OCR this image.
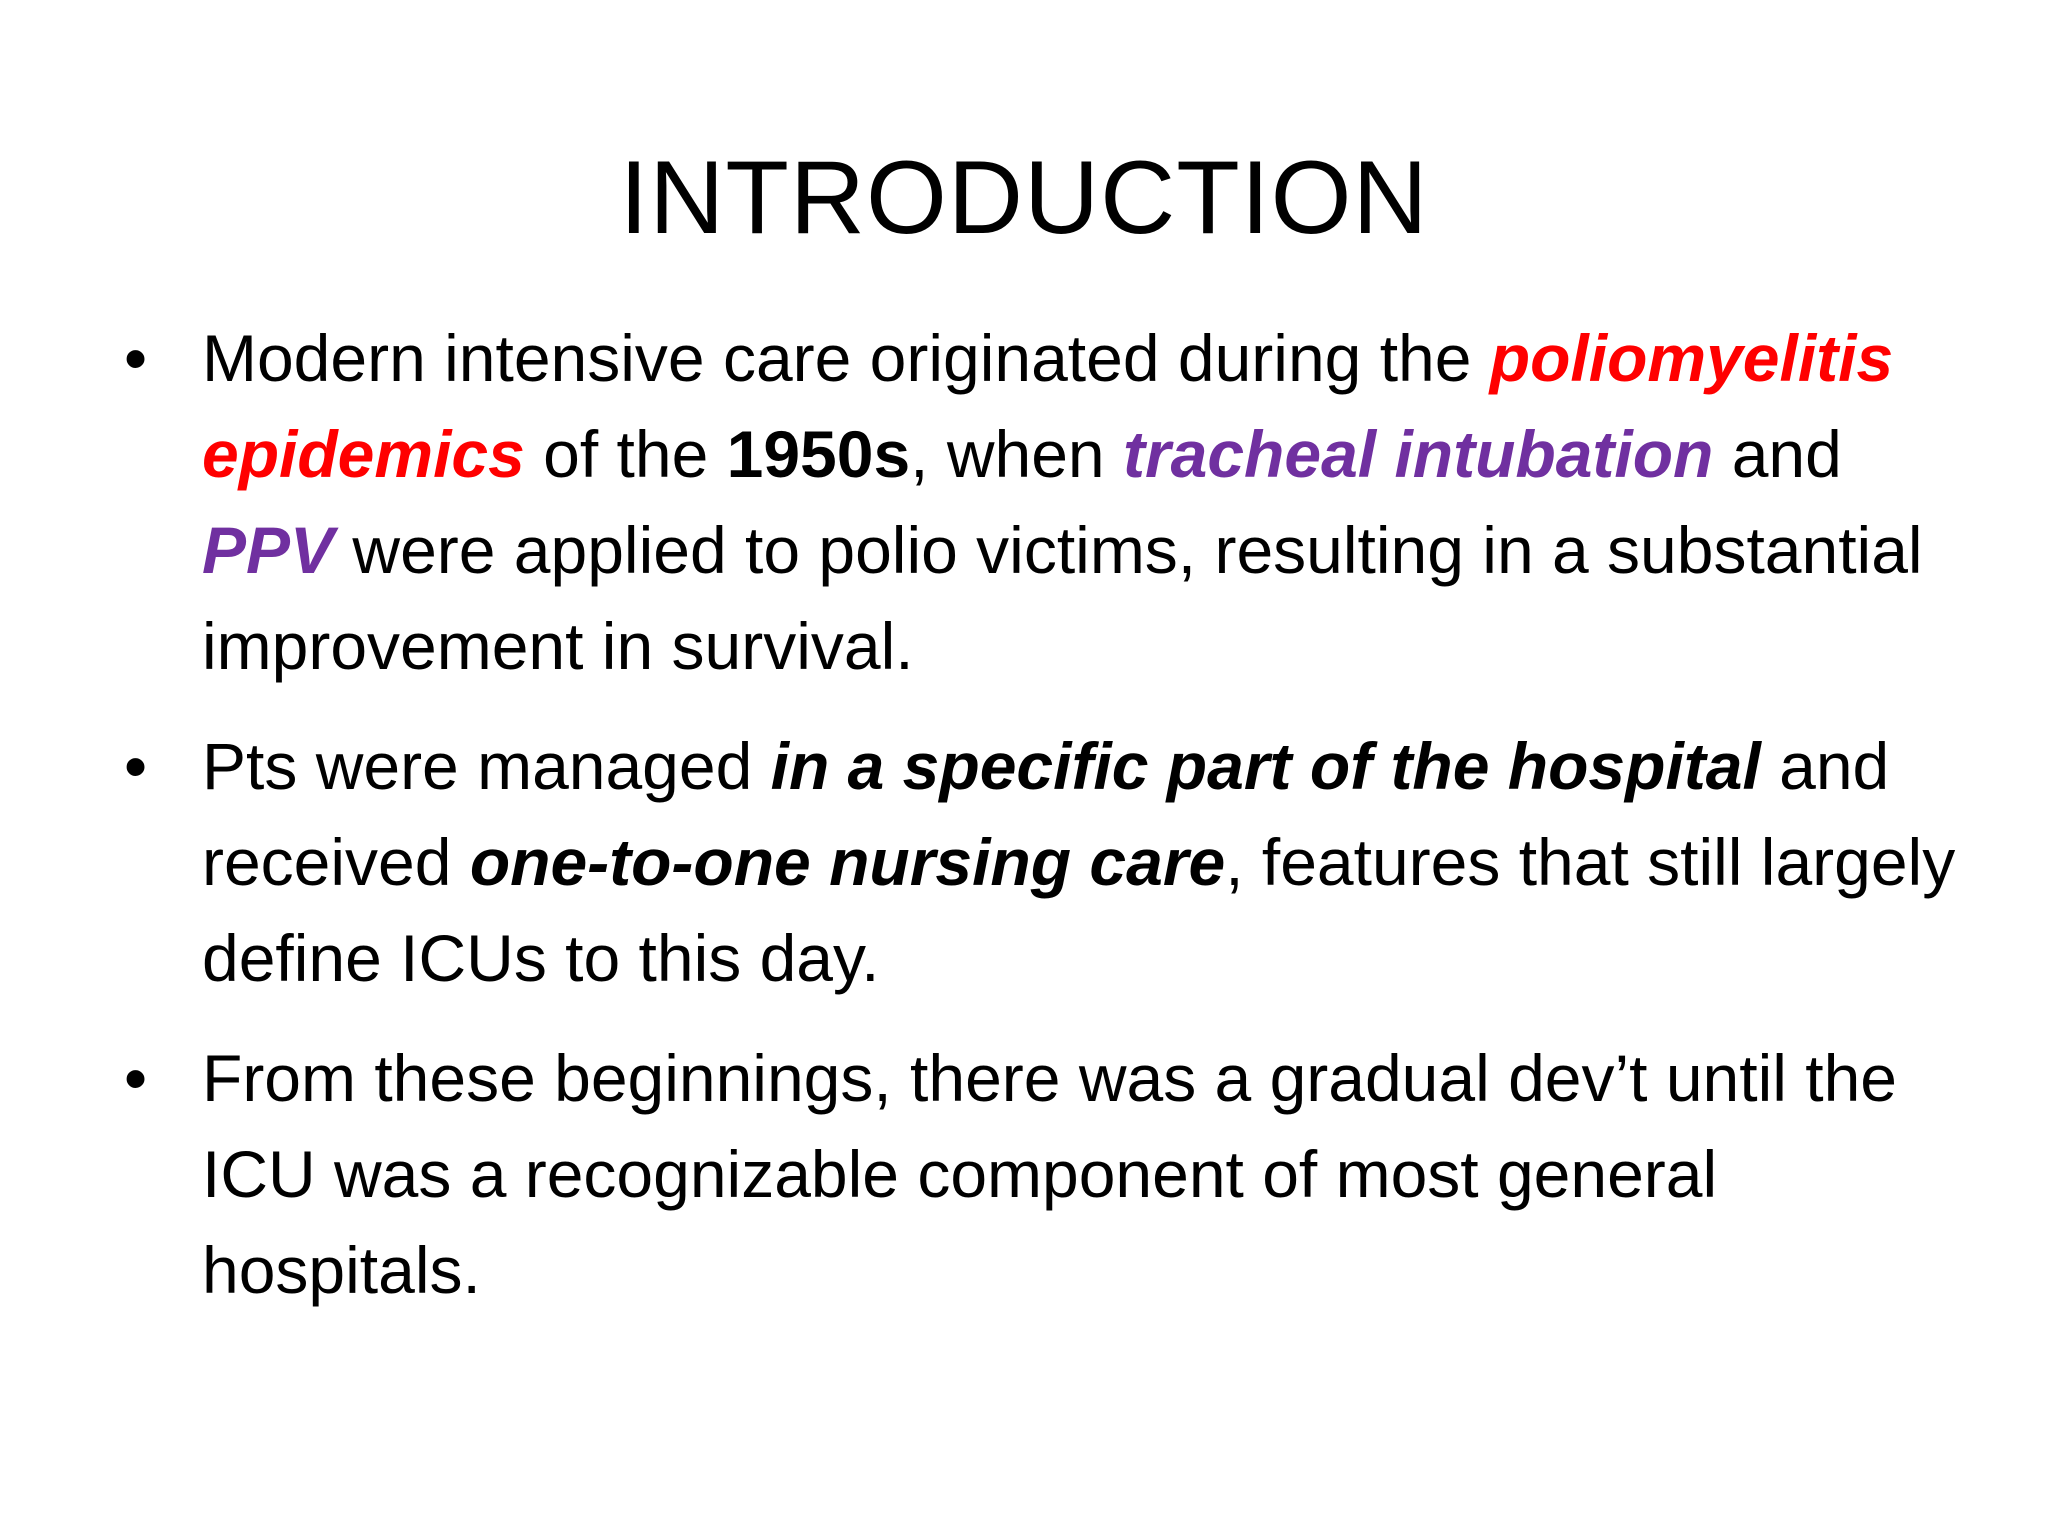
INTRODUCTION
• Modern intensive care originated during the poliomyelitis epidemics of the 1950s, when tracheal intubation and PPV were applied to polio victims, resulting in a substantial improvement in survival.
• Pts were managed in a specific part of the hospital and received one-to-one nursing care, features that still largely define ICUs to this day.
• From these beginnings, there was a gradual dev’t until the ICU was a recognizable component of most general hospitals.
